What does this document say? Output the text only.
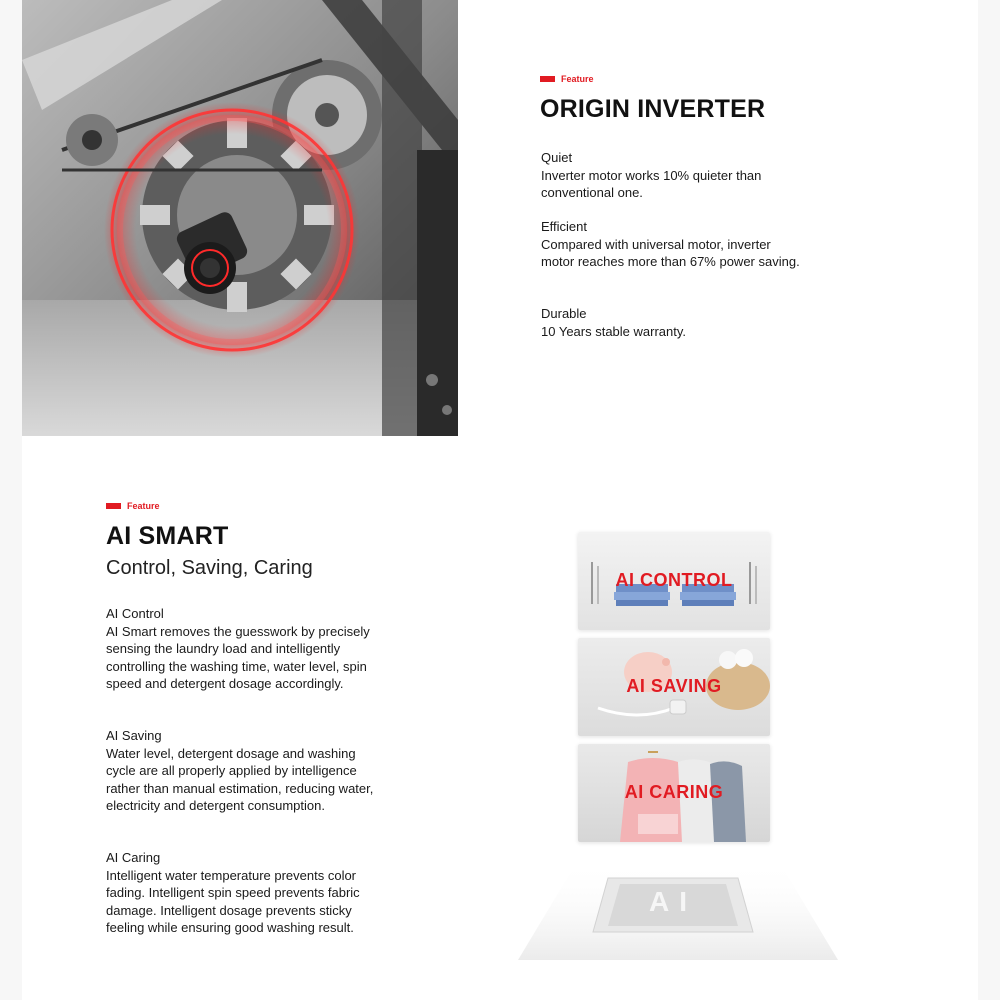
Feature
ORIGIN INVERTER

Quiet

Inverter motor works 10% quieter than conventional one.

Efficient

Compared with universal motor, inverter motor reaches more than 67% power saving.

Durable

10 Years stable warranty.

Feature
AI SMART

Control, Saving, Caring

AI Control

AI Smart removes the guesswork by precisely sensing the laundry load and intelligently controlling the washing time, water level, spin speed and detergent dosage accordingly.

AI Saving

Water level, detergent dosage and washing cycle are all properly applied by intelligence rather than manual estimation, reducing water, electricity and detergent consumption.

AI Caring

Intelligent water temperature prevents color fading. Intelligent spin speed prevents fabric damage. Intelligent dosage prevents sticky feeling while ensuring good washing result.

AI CONTROL
AI SAVING
AI CARING
AI
